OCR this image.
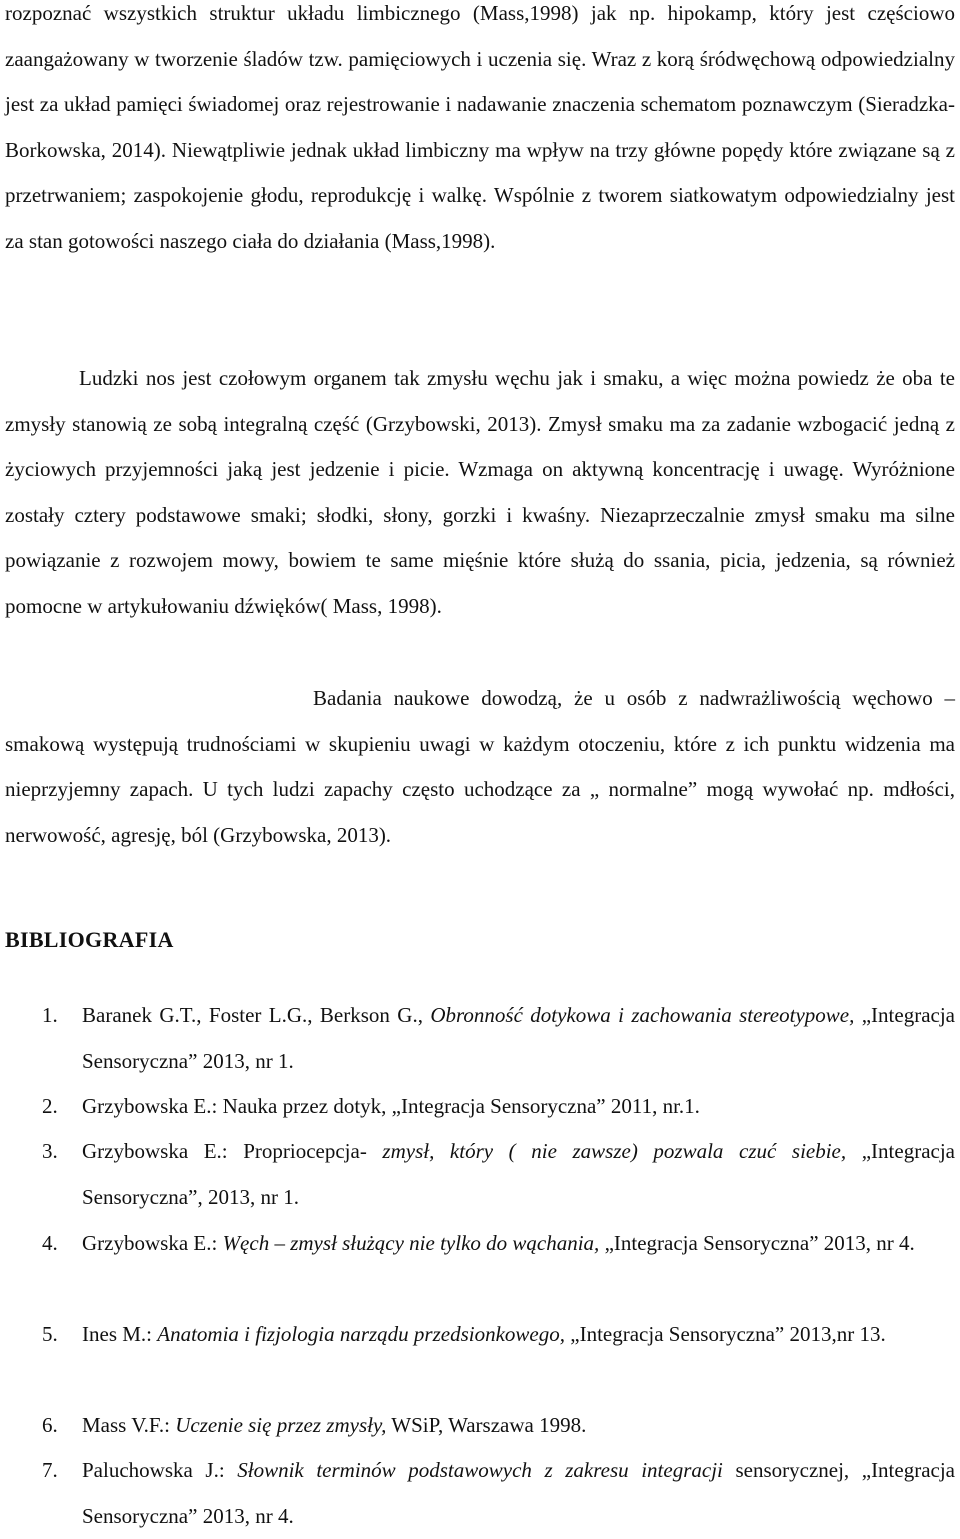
rozpoznać wszystkich struktur układu limbicznego (Mass,1998) jak np. hipokamp, który jest częściowo zaangażowany w tworzenie śladów tzw. pamięciowych i uczenia się. Wraz z korą śródwęchową odpowiedzialny jest za układ pamięci świadomej oraz rejestrowanie i nadawanie znaczenia schematom poznawczym (Sieradzka-Borkowska, 2014). Niewątpliwie jednak układ limbiczny ma wpływ na trzy główne popędy które związane są z przetrwaniem; zaspokojenie głodu, reprodukcję i walkę. Wspólnie z tworem siatkowatym odpowiedzialny jest za stan gotowości naszego ciała do działania (Mass,1998).

Ludzki nos jest czołowym organem tak zmysłu węchu jak i smaku, a więc można powiedz że oba te zmysły stanowią ze sobą integralną część (Grzybowski, 2013). Zmysł smaku ma za zadanie wzbogacić jedną z życiowych przyjemności jaką jest jedzenie i picie. Wzmaga on aktywną koncentrację i uwagę. Wyróżnione zostały cztery podstawowe smaki; słodki, słony, gorzki i kwaśny. Niezaprzeczalnie zmysł smaku ma silne powiązanie z rozwojem mowy, bowiem te same mięśnie które służą do ssania, picia, jedzenia, są również pomocne w artykułowaniu dźwięków( Mass, 1998).

Badania naukowe dowodzą, że u osób z nadwrażliwością węchowo – smakową występują trudnościami w skupieniu uwagi w każdym otoczeniu, które z ich punktu widzenia ma nieprzyjemny zapach. U tych ludzi zapachy często uchodzące za „ normalne” mogą wywołać np. mdłości, nerwowość, agresję, ból (Grzybowska, 2013).

BIBLIOGRAFIA
1. Baranek G.T., Foster L.G., Berkson G., Obronność dotykowa i zachowania stereotypowe, „Integracja Sensoryczna” 2013, nr 1.
2. Grzybowska E.: Nauka przez dotyk, „Integracja Sensoryczna” 2011, nr.1.
3. Grzybowska E.: Propriocepcja- zmysł, który ( nie zawsze) pozwala czuć siebie, „Integracja Sensoryczna”, 2013, nr 1.
4. Grzybowska E.: Węch – zmysł służący nie tylko do wąchania, „Integracja Sensoryczna” 2013, nr 4.
5. Ines M.: Anatomia i fizjologia narządu przedsionkowego, „Integracja Sensoryczna” 2013,nr 13.
6. Mass V.F.: Uczenie się przez zmysły, WSiP, Warszawa 1998.
7. Paluchowska J.: Słownik terminów podstawowych z zakresu integracji sensorycznej, „Integracja Sensoryczna” 2013, nr 4.
